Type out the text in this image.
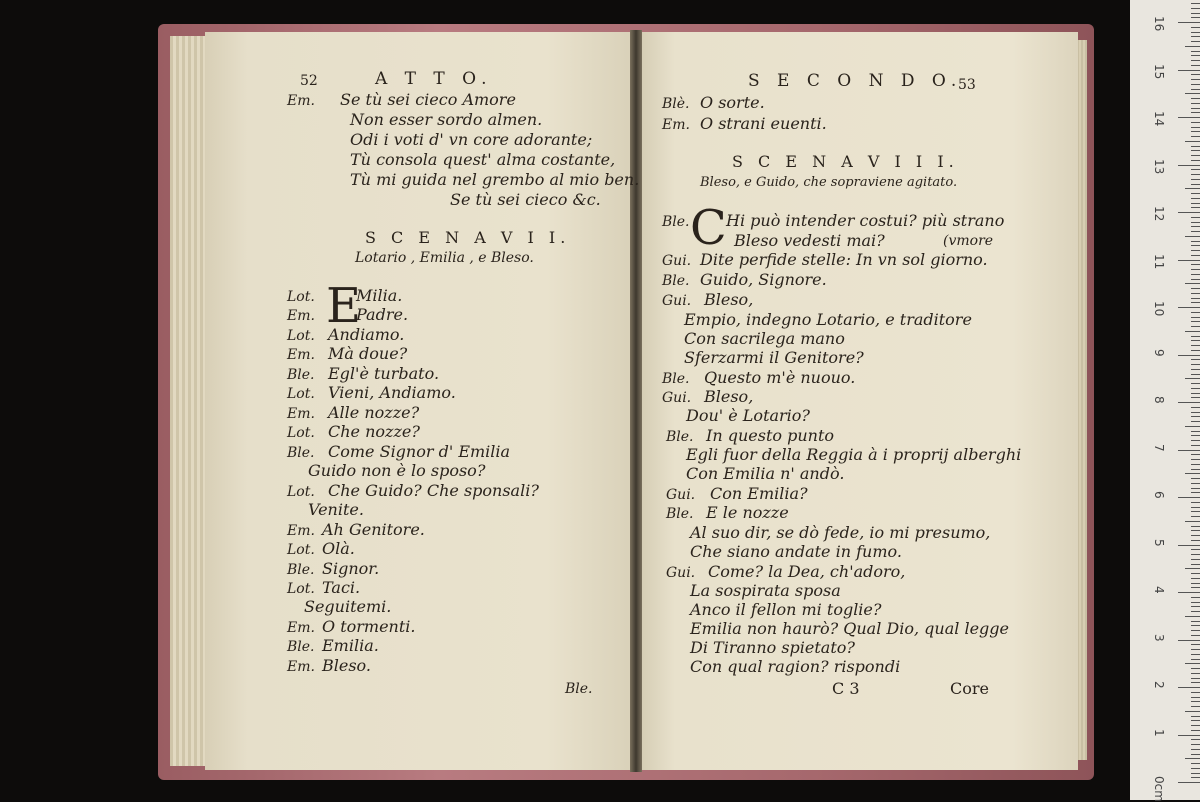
52	A T T O.
Em. Se tù sei cieco Amore
Non esser sordo almen.
Odi i voti d' vn core adorante;
Tù consola quest' alma costante,
Tù mi guida nel grembo al mio ben.
Se tù sei cieco &c.
S C E N A V I I.
Lotario , Emilia , e Bleso.
E
Lot.	Milia.
Em.	Padre.
Lot. Andiamo.
Em. Mà doue?
Ble. Egl'è turbato.
Lot. Vieni, Andiamo.
Em. Alle nozze?
Lot. Che nozze?
Ble. Come Signor d' Emilia
Guido non è lo sposo?
Lot. Che Guido? Che sponsali?
Venite.
Em. Ah Genitore.
Lot. Olà.
Ble. Signor.
Lot. Taci.
Seguitemi.
Em. O tormenti.
Ble. Emilia.
Em. Bleso.
Ble.
S E C O N D O.
53
Blè. O sorte.
Em. O strani euenti.
S C E N A V I I I.
Bleso, e Guido, che sopraviene agitato.
C
Ble. Hi può intender costui? più strano
Bleso vedesti mai?	(vmore
Gui. Dite perfide stelle: In vn sol giorno.
Ble. Guido, Signore.
Gui. Bleso,
Empio, indegno Lotario, e traditore
Con sacrilega mano
Sferzarmi il Genitore?
Ble. Questo m'è nuouo.
Gui. Bleso,
Dou' è Lotario?
Ble. In questo punto
Egli fuor della Reggia à i proprij alberghi
Con Emilia n' andò.
Gui. Con Emilia?
Ble. E le nozze
Al suo dir, se dò fede, io mi presumo,
Che siano andate in fumo.
Gui. Come? la Dea, ch'adoro,
La sospirata sposa
Anco il fellon mi toglie?
Emilia non haurò? Qual Dio, qual legge
Di Tiranno spietato?
Con qual ragion? rispondi
C 3	Core
0cm
1
2
3
4
5
6
7
8
9
10
11
12
13
14
15
16
